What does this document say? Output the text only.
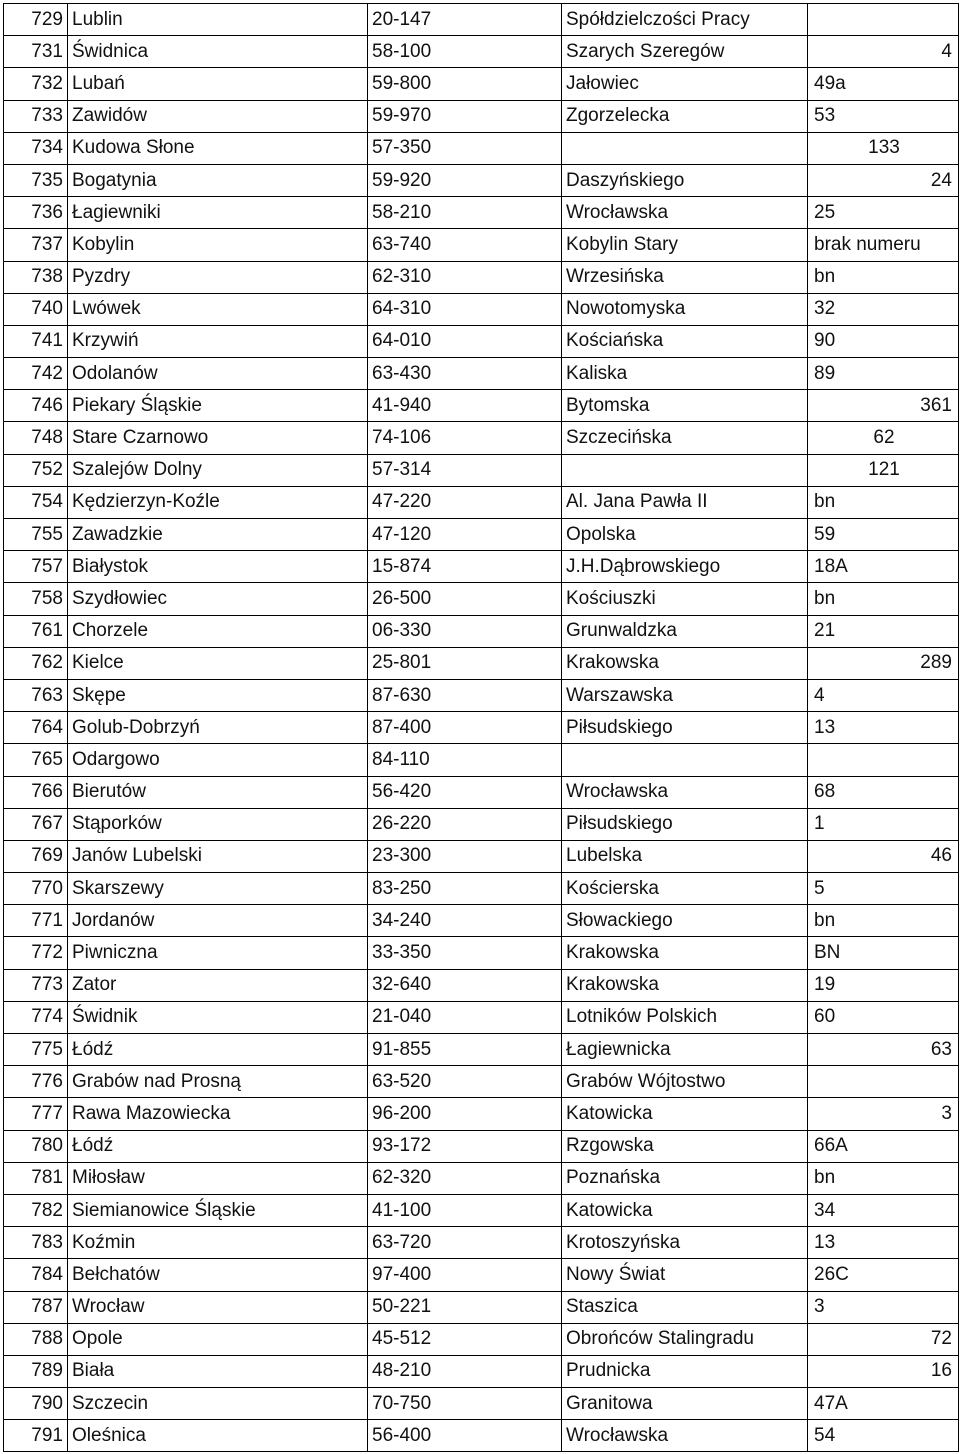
729	Lublin	20-147	Spółdzielczości Pracy	
731	Świdnica	58-100	Szarych Szeregów	4
732	Lubań	59-800	Jałowiec	49a
733	Zawidów	59-970	Zgorzelecka	53
734	Kudowa Słone	57-350		133
735	Bogatynia	59-920	Daszyńskiego	24
736	Łagiewniki	58-210	Wrocławska	25
737	Kobylin	63-740	Kobylin Stary	brak numeru
738	Pyzdry	62-310	Wrzesińska	bn
740	Lwówek	64-310	Nowotomyska	32
741	Krzywiń	64-010	Kościańska	90
742	Odolanów	63-430	Kaliska	89
746	Piekary Śląskie	41-940	Bytomska	361
748	Stare Czarnowo	74-106	Szczecińska	62
752	Szalejów Dolny	57-314		121
754	Kędzierzyn-Koźle	47-220	Al. Jana Pawła II	bn
755	Zawadzkie	47-120	Opolska	59
757	Białystok	15-874	J.H.Dąbrowskiego	18A
758	Szydłowiec	26-500	Kościuszki	bn
761	Chorzele	06-330	Grunwaldzka	21
762	Kielce	25-801	Krakowska	289
763	Skępe	87-630	Warszawska	4
764	Golub-Dobrzyń	87-400	Piłsudskiego	13
765	Odargowo	84-110		
766	Bierutów	56-420	Wrocławska	68
767	Stąporków	26-220	Piłsudskiego	1
769	Janów Lubelski	23-300	Lubelska	46
770	Skarszewy	83-250	Kościerska	5
771	Jordanów	34-240	Słowackiego	bn
772	Piwniczna	33-350	Krakowska	BN
773	Zator	32-640	Krakowska	19
774	Świdnik	21-040	Lotników Polskich	60
775	Łódź	91-855	Łagiewnicka	63
776	Grabów nad Prosną	63-520	Grabów Wójtostwo	
777	Rawa Mazowiecka	96-200	Katowicka	3
780	Łódź	93-172	Rzgowska	66A
781	Miłosław	62-320	Poznańska	bn
782	Siemianowice Śląskie	41-100	Katowicka	34
783	Koźmin	63-720	Krotoszyńska	13
784	Bełchatów	97-400	Nowy Świat	26C
787	Wrocław	50-221	Staszica	3
788	Opole	45-512	Obrońców Stalingradu	72
789	Biała	48-210	Prudnicka	16
790	Szczecin	70-750	Granitowa	47A
791	Oleśnica	56-400	Wrocławska	54
